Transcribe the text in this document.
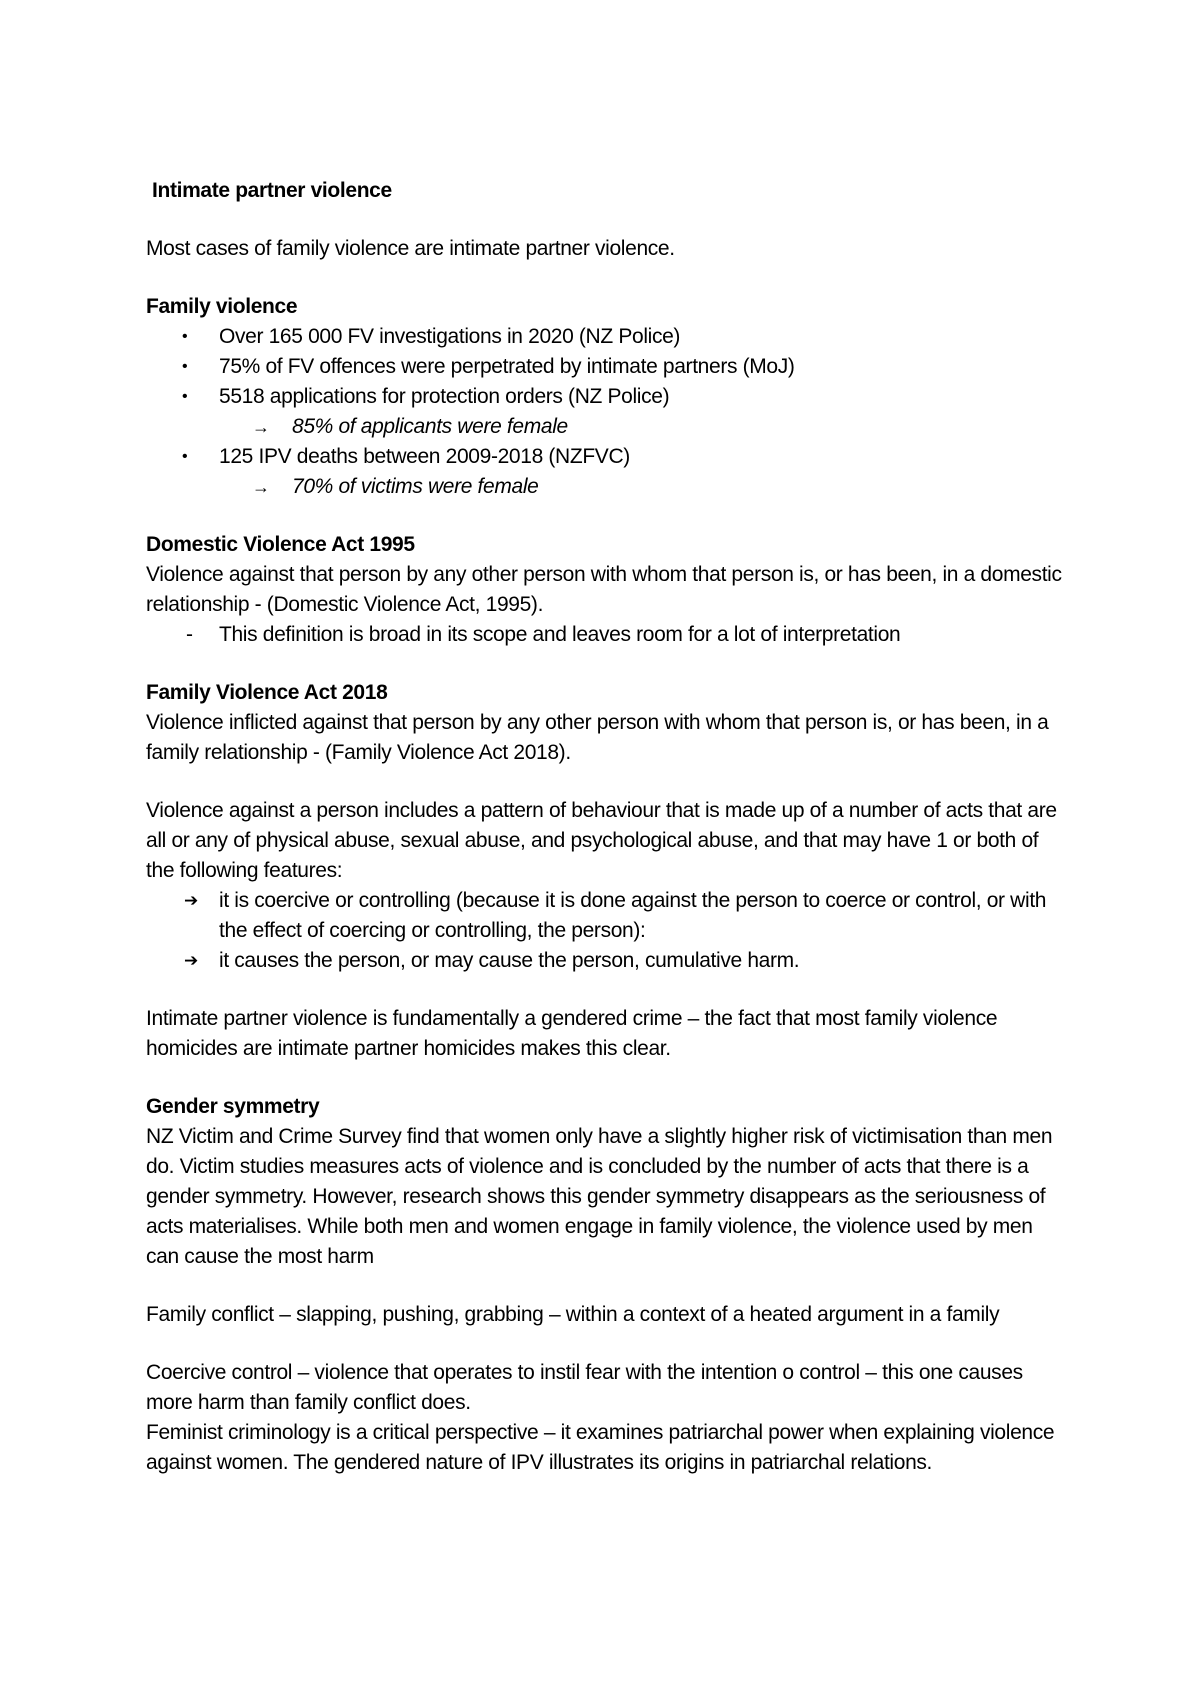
Intimate partner violence

Most cases of family violence are intimate partner violence.

Family violence

• Over 165 000 FV investigations in 2020 (NZ Police)
• 75% of FV offences were perpetrated by intimate partners (MoJ)
• 5518 applications for protection orders (NZ Police)
→ 85% of applicants were female
• 125 IPV deaths between 2009-2018 (NZFVC)
→ 70% of victims were female

Domestic Violence Act 1995

Violence against that person by any other person with whom that person is, or has been, in a domestic relationship - (Domestic Violence Act, 1995).

- This definition is broad in its scope and leaves room for a lot of interpretation

Family Violence Act 2018

Violence inflicted against that person by any other person with whom that person is, or has been, in a family relationship - (Family Violence Act 2018).

Violence against a person includes a pattern of behaviour that is made up of a number of acts that are all or any of physical abuse, sexual abuse, and psychological abuse, and that may have 1 or both of the following features:

➔ it is coercive or controlling (because it is done against the person to coerce or control, or with the effect of coercing or controlling, the person):
➔ it causes the person, or may cause the person, cumulative harm.

Intimate partner violence is fundamentally a gendered crime – the fact that most family violence homicides are intimate partner homicides makes this clear.

Gender symmetry

NZ Victim and Crime Survey find that women only have a slightly higher risk of victimisation than men do. Victim studies measures acts of violence and is concluded by the number of acts that there is a gender symmetry. However, research shows this gender symmetry disappears as the seriousness of acts materialises. While both men and women engage in family violence, the violence used by men can cause the most harm

Family conflict – slapping, pushing, grabbing – within a context of a heated argument in a family

Coercive control – violence that operates to instil fear with the intention o control – this one causes more harm than family conflict does.

Feminist criminology is a critical perspective – it examines patriarchal power when explaining violence against women. The gendered nature of IPV illustrates its origins in patriarchal relations.
